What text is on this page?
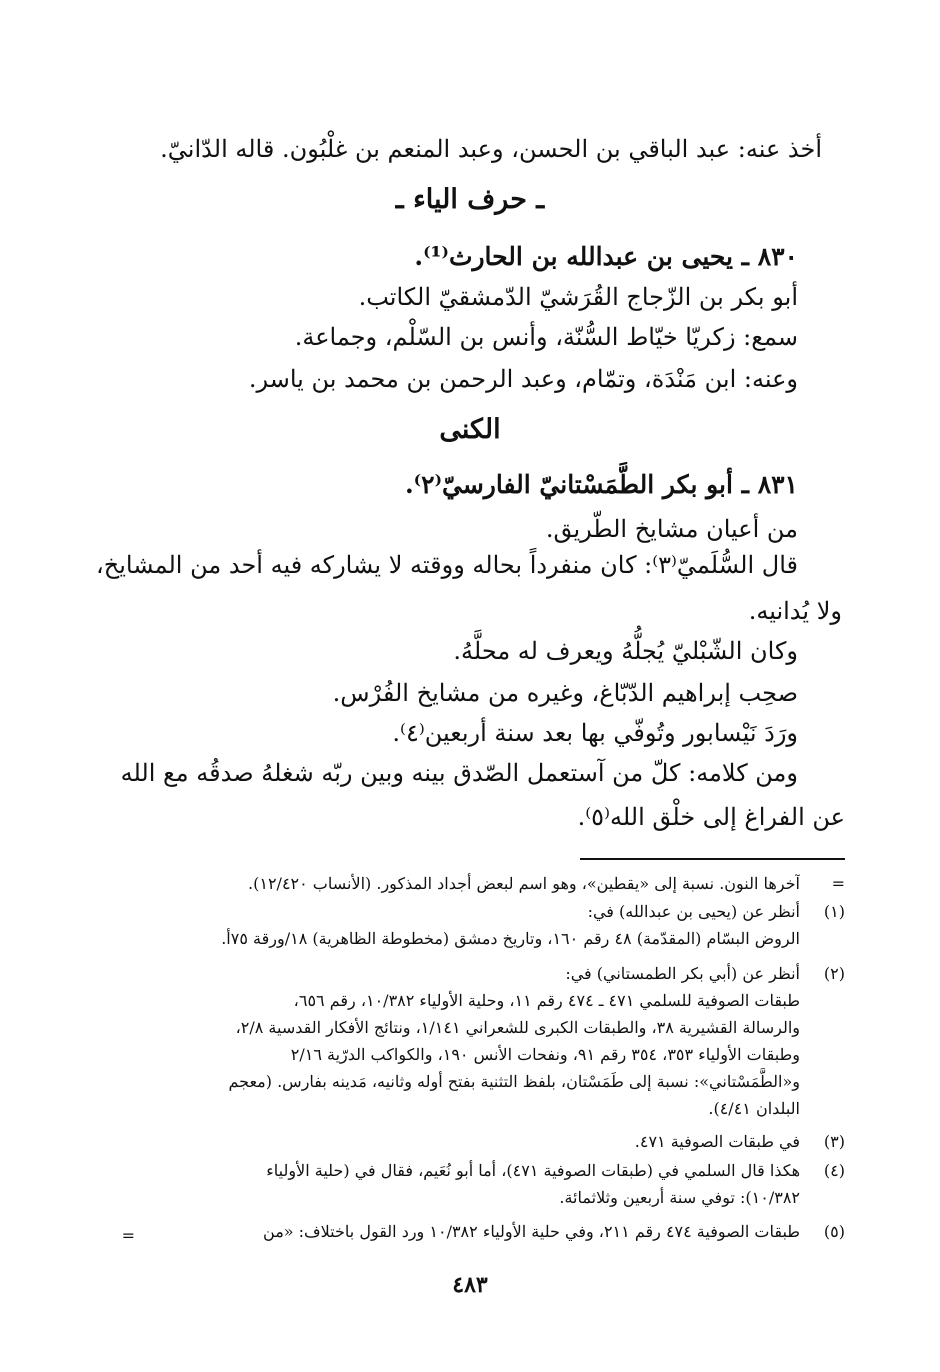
أخذ عنه: عبد الباقي بن الحسن، وعبد المنعم بن غلْبُون. قاله الدّانيّ.
ـ حرف الياء ـ
٨٣٠ ـ يحيى بن عبدالله بن الحارث⁽¹⁾.
أبو بكر بن الزّجاج القُرَشيّ الدّمشقيّ الكاتب.
سمع: زكريّا خيّاط السُّنّة، وأنس بن السّلْم، وجماعة.
وعنه: ابن مَنْدَة، وتمّام، وعبد الرحمن بن محمد بن ياسر.
الكنى
٨٣١ ـ أبو بكر الطَّمَسْتانيّ الفارسيّ⁽٢⁾.
من أعيان مشايخ الطّريق.
قال السُّلَميّ⁽٣⁾: كان منفرداً بحاله ووقته لا يشاركه فيه أحد من المشايخ،
ولا يُدانيه.
وكان الشّبْليّ يُجلُّهُ ويعرف له محلَّهُ.
صحِب إبراهيم الدّبّاغ، وغيره من مشايخ الفُرْس.
ورَدَ نَيْسابور وتُوفّي بها بعد سنة أربعين⁽٤⁾.
ومن كلامه: كلّ من آستعمل الصّدق بينه وبين ربّه شغلهُ صدقُه مع الله
عن الفراغ إلى خلْق الله⁽٥⁾.
=
آخرها النون. نسبة إلى «يقطين»، وهو اسم لبعض أجداد المذكور. (الأنساب ١٢/٤٢٠).
(١)
أنظر عن (يحيى بن عبدالله) في:
الروض البسّام (المقدّمة) ٤٨ رقم ١٦٠، وتاريخ دمشق (مخطوطة الظاهرية) ١٨/ورقة ٧٥أ.
(٢)
أنظر عن (أبي بكر الطمستاني) في:
طبقات الصوفية للسلمي ٤٧١ ـ ٤٧٤ رقم ١١، وحلية الأولياء ١٠/٣٨٢، رقم ٦٥٦،
والرسالة القشيرية ٣٨، والطبقات الكبرى للشعراني ١/١٤١، ونتائج الأفكار القدسية ٢/٨،
وطبقات الأولياء ٣٥٣، ٣٥٤ رقم ٩١، ونفحات الأنس ١٩٠، والكواكب الدرّية ٢/١٦
و«الطَّمَسْتاني»: نسبة إلى طَمَسْتان، بلفظ التثنية بفتح أوله وثانيه، مَدينه بفارس. (معجم
البلدان ٤/٤١).
(٣)
في طبقات الصوفية ٤٧١.
(٤)
هكذا قال السلمي في (طبقات الصوفية ٤٧١)، أما أبو نُعَيم، فقال في (حلية الأولياء
١٠/٣٨٢): توفي سنة أربعين وثلاثمائة.
(٥)
طبقات الصوفية ٤٧٤ رقم ٢١١، وفي حلية الأولياء ١٠/٣٨٢ ورد القول باختلاف: «من
=
٤٨٣
